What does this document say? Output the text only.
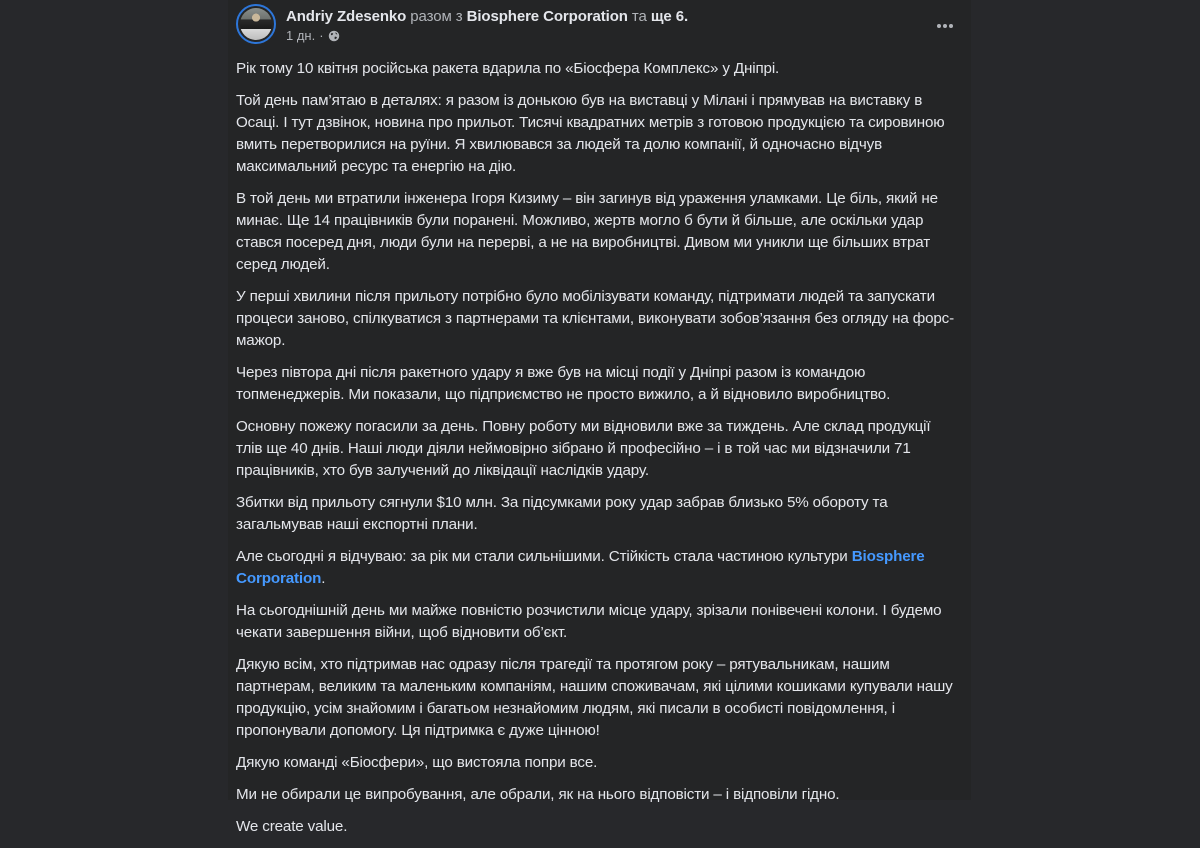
Andriy Zdesenko разом з Biosphere Corporation та ще 6.
1 дн. ·

Рік тому 10 квітня російська ракета вдарила по «Біосфера Комплекс» у Дніпрі.

Той день пам’ятаю в деталях: я разом із донькою був на виставці у Мілані і прямував на виставку в Осаці. І тут дзвінок, новина про прильот. Тисячі квадратних метрів з готовою продукцією та сировиною вмить перетворилися на руїни. Я хвилювався за людей та долю компанії, й одночасно відчув максимальний ресурс та енергію на дію.

В той день ми втратили інженера Ігоря Кизиму – він загинув від ураження уламками. Це біль, який не минає. Ще 14 працівників були поранені. Можливо, жертв могло б бути й більше, але оскільки удар стався посеред дня, люди були на перерві, а не на виробництві. Дивом ми уникли ще більших втрат серед людей.

У перші хвилини після прильоту потрібно було мобілізувати команду, підтримати людей та запускати процеси заново, спілкуватися з партнерами та клієнтами, виконувати зобов’язання без огляду на форс-мажор.

Через півтора дні після ракетного удару я вже був на місці події у Дніпрі разом із командою топменеджерів. Ми показали, що підприємство не просто вижило, а й відновило виробництво.

Основну пожежу погасили за день. Повну роботу ми відновили вже за тиждень. Але склад продукції тлів ще 40 днів. Наші люди діяли неймовірно зібрано й професійно – і в той час ми відзначили 71 працівників, хто був залучений до ліквідації наслідків удару.

Збитки від прильоту сягнули $10 млн. За підсумками року удар забрав близько 5% обороту та загальмував наші експортні плани.

Але сьогодні я відчуваю: за рік ми стали сильнішими. Стійкість стала частиною культури Biosphere Corporation.

На сьогоднішній день ми майже повністю розчистили місце удару, зрізали понівечені колони. І будемо чекати завершення війни, щоб відновити об’єкт.

Дякую всім, хто підтримав нас одразу після трагедії та протягом року – рятувальникам, нашим партнерам, великим та маленьким компаніям, нашим споживачам, які цілими кошиками купували нашу продукцію, усім знайомим і багатьом незнайомим людям, які писали в особисті повідомлення, і пропонували допомогу. Ця підтримка є дуже цінною!

Дякую команді «Біосфери», що вистояла попри все.

Ми не обирали це випробування, але обрали, як на нього відповісти – і відповіли гідно.

We create value.
